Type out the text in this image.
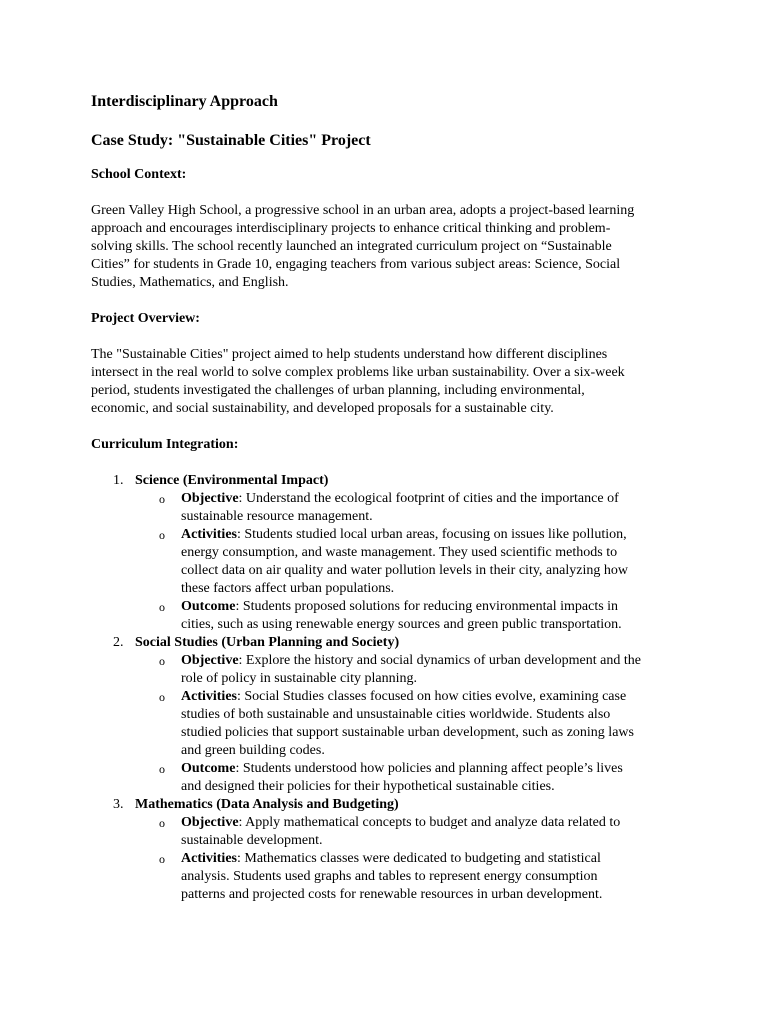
Interdisciplinary Approach
Case Study: "Sustainable Cities" Project
School Context:
Green Valley High School, a progressive school in an urban area, adopts a project-based learning
approach and encourages interdisciplinary projects to enhance critical thinking and problem-
solving skills. The school recently launched an integrated curriculum project on “Sustainable
Cities” for students in Grade 10, engaging teachers from various subject areas: Science, Social
Studies, Mathematics, and English.
Project Overview:
The "Sustainable Cities" project aimed to help students understand how different disciplines
intersect in the real world to solve complex problems like urban sustainability. Over a six-week
period, students investigated the challenges of urban planning, including environmental,
economic, and social sustainability, and developed proposals for a sustainable city.
Curriculum Integration:
1. Science (Environmental Impact)
o Objective: Understand the ecological footprint of cities and the importance of
sustainable resource management.
o Activities: Students studied local urban areas, focusing on issues like pollution,
energy consumption, and waste management. They used scientific methods to
collect data on air quality and water pollution levels in their city, analyzing how
these factors affect urban populations.
o Outcome: Students proposed solutions for reducing environmental impacts in
cities, such as using renewable energy sources and green public transportation.
2. Social Studies (Urban Planning and Society)
o Objective: Explore the history and social dynamics of urban development and the
role of policy in sustainable city planning.
o Activities: Social Studies classes focused on how cities evolve, examining case
studies of both sustainable and unsustainable cities worldwide. Students also
studied policies that support sustainable urban development, such as zoning laws
and green building codes.
o Outcome: Students understood how policies and planning affect people’s lives
and designed their policies for their hypothetical sustainable cities.
3. Mathematics (Data Analysis and Budgeting)
o Objective: Apply mathematical concepts to budget and analyze data related to
sustainable development.
o Activities: Mathematics classes were dedicated to budgeting and statistical
analysis. Students used graphs and tables to represent energy consumption
patterns and projected costs for renewable resources in urban development.
